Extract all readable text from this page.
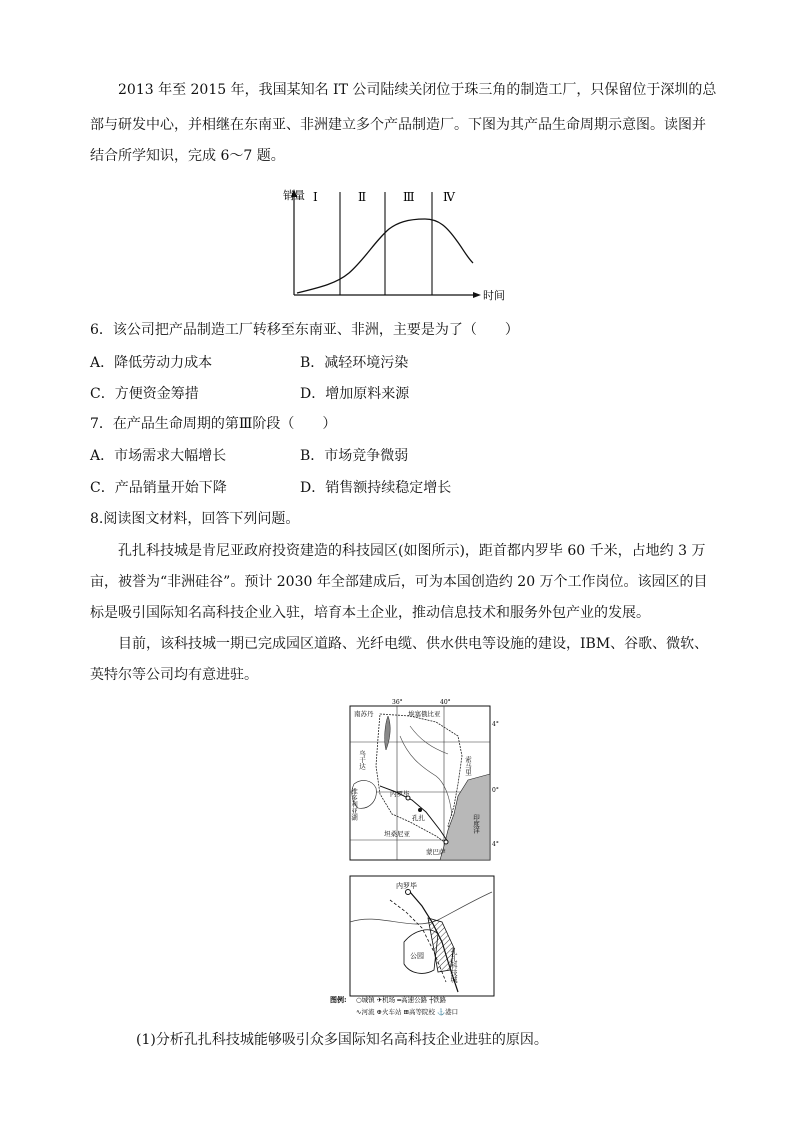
2013 年至 2015 年，我国某知名 IT 公司陆续关闭位于珠三角的制造工厂，只保留位于深圳的总
部与研发中心，并相继在东南亚、非洲建立多个产品制造厂。下图为其产品生命周期示意图。读图并
结合所学知识，完成 6～7 题。
销量
时间
Ⅰ	Ⅱ	Ⅲ Ⅳ
6．该公司把产品制造工厂转移至东南亚、非洲，主要是为了（　　）
A．降低劳动力成本	B．减轻环境污染
C．方便资金筹措	D．增加原料来源
7．在产品生命周期的第Ⅲ阶段（　　）
A．市场需求大幅增长	B．市场竞争微弱
C．产品销量开始下降	D．销售额持续稳定增长
8.阅读图文材料，回答下列问题。
孔扎科技城是肯尼亚政府投资建造的科技园区(如图所示)，距首都内罗毕 60 千米，占地约 3 万
亩，被誉为“非洲硅谷”。预计 2030 年全部建成后，可为本国创造约 20 万个工作岗位。该园区的目
标是吸引国际知名高科技企业入驻，培育本土企业，推动信息技术和服务外包产业的发展。
目前，该科技城一期已完成园区道路、光纤电缆、供水供电等设施的建设，IBM、谷歌、微软、
英特尔等公司均有意进驻。
36°	40°
4°
0°
4°
南苏丹	埃塞俄比亚
乌干达
维多利亚湖	内罗毕
孔扎
坦桑尼亚
蒙巴萨
索马里
印度洋
内罗毕
公园	孔扎科技城
图例: ○城镇 ✈机场 ═高速公路 ┼铁路
∿河流 ⊕火车站 ⊞高等院校 ⚓港口
(1)分析孔扎科技城能够吸引众多国际知名高科技企业进驻的原因。
